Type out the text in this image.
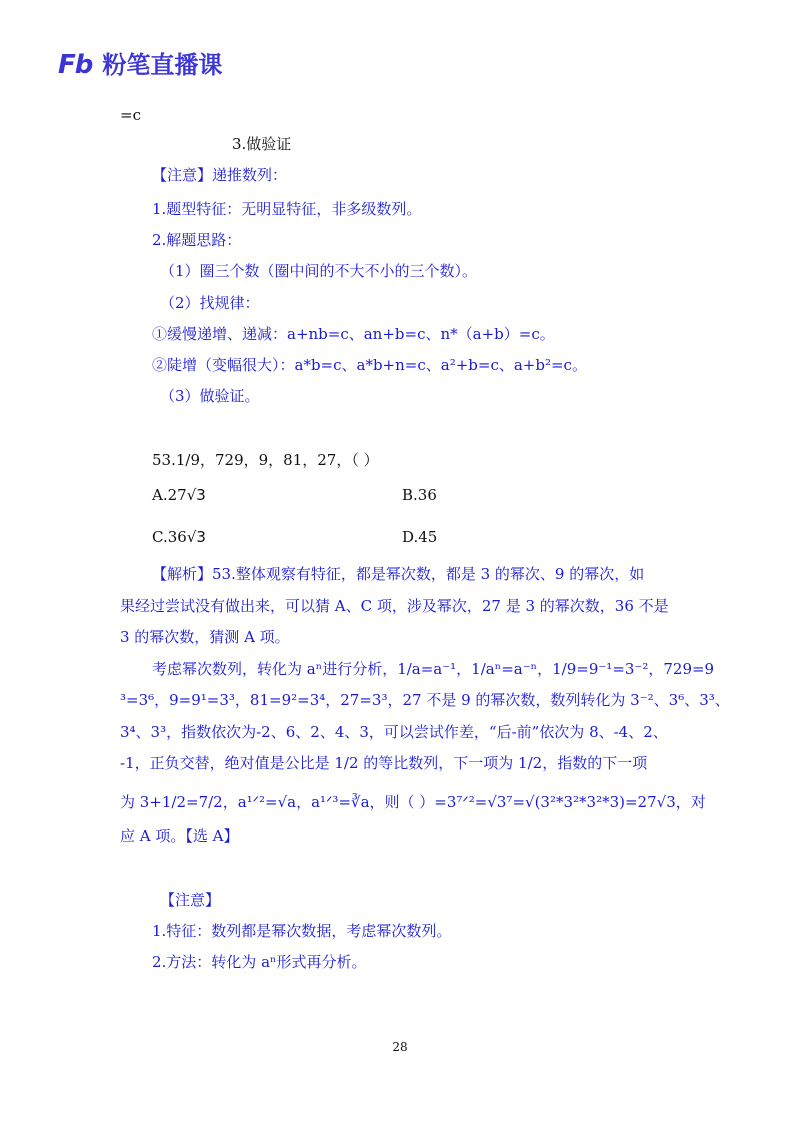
Fb 粉笔直播课
=c
3.做验证
【注意】递推数列：
1.题型特征：无明显特征，非多级数列。
2.解题思路：
（1）圈三个数（圈中间的不大不小的三个数）。
（2）找规律：
①缓慢递增、递减：a+nb=c、an+b=c、n*（a+b）=c。
②陡增（变幅很大）：a*b=c、a*b+n=c、a²+b=c、a+b²=c。
（3）做验证。
53.1/9，729，9，81，27，（ ）
A.27√3	B.36
C.36√3	D.45
【解析】53.整体观察有特征，都是幂次数，都是 3 的幂次、9 的幂次，如
果经过尝试没有做出来，可以猜 A、C 项，涉及幂次，27 是 3 的幂次数，36 不是
3 的幂次数，猜测 A 项。
考虑幂次数列，转化为 aⁿ进行分析，1/a=a⁻¹，1/aⁿ=a⁻ⁿ，1/9=9⁻¹=3⁻²，729=9
³=3⁶，9=9¹=3³，81=9²=3⁴，27=3³，27 不是 9 的幂次数，数列转化为 3⁻²、3⁶、3³、
3⁴、3³，指数依次为-2、6、2、4、3，可以尝试作差，“后-前”依次为 8、-4、2、
-1，正负交替，绝对值是公比是 1/2 的等比数列，下一项为 1/2，指数的下一项
为 3+1/2=7/2，a¹ᐟ²=√a，a¹ᐟ³=∛a，则（ ）=3⁷ᐟ²=√3⁷=√(3²*3²*3²*3)=27√3，对
应 A 项。【选 A】
【注意】
1.特征：数列都是幂次数据，考虑幂次数列。
2.方法：转化为 aⁿ形式再分析。
28
